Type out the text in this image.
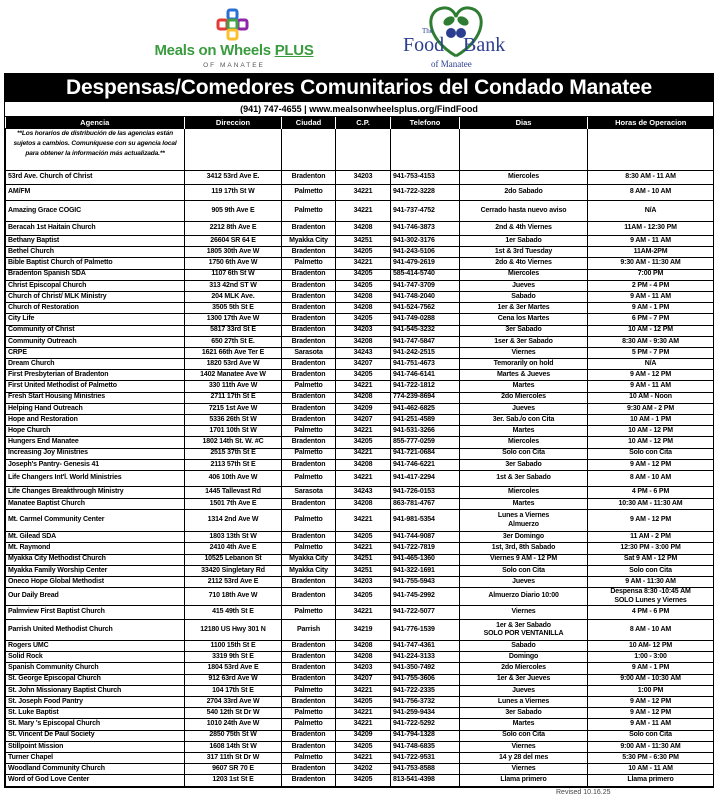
Meals on Wheels PLUS
OF MANATEE
The
Food Bank
of Manatee
Despensas/Comedores Comunitarios del Condado Manatee
(941) 747-4655 | www.mealsonwheelsplus.org/FindFood
Agencia	Direccion	Ciudad	C.P.	Telefono	Dias	Horas de Operacion
**Los horarios de distribución de las agencias están sujetos a cambios. Comuníquese con su agencia local para obtener la información más actualizada.**						
53rd Ave. Church of Christ	3412 53rd Ave E.	Bradenton	34203	941-753-4153	Miercoles	8:30 AM - 11 AM
AM/FM	119 17th St W	Palmetto	34221	941-722-3228	2do Sabado	8 AM - 10 AM
Amazing Grace COGIC	905 9th Ave E	Palmetto	34221	941-737-4752	Cerrado hasta nuevo aviso	N/A
Beracah 1st Haitain Church	2212 8th Ave E	Bradenton	34208	941-746-3873	2nd & 4th Viernes	11AM - 12:30 PM
Bethany Baptist	26604 SR 64 E	Myakka City	34251	941-302-3176	1er Sabado	9 AM - 11 AM
Bethel Church	1805 30th Ave W	Bradenton	34205	941-243-5106	1st & 3rd Tuesday	11AM-2PM
Bible Baptist Church of Palmetto	1750 6th Ave W	Palmetto	34221	941-479-2619	2do & 4to Viernes	9:30 AM - 11:30 AM
Bradenton Spanish SDA	1107 6th St W	Bradenton	34205	585-414-5740	Miercoles	7:00 PM
Christ Episcopal Church	313 42nd ST W	Bradenton	34205	941-747-3709	Jueves	2 PM - 4 PM
Church of Christ/ MLK Ministry	204 MLK Ave.	Bradenton	34208	941-748-2040	Sabado	9 AM - 11 AM
Church of Restoration	3505 5th St E	Bradenton	34208	941-524-7562	1er & 3er Martes	9 AM - 1 PM
City Life	1300 17th Ave W	Bradenton	34205	941-749-0288	Cena los Martes	6 PM - 7 PM
Community of Christ	5817 33rd St E	Bradenton	34203	941-545-3232	3er Sabado	10 AM - 12 PM
Community Outreach	650 27th St E.	Bradenton	34208	941-747-5847	1ser & 3er Sabado	8:30 AM - 9:30 AM
CRPE	1621 66th Ave Ter E	Sarasota	34243	941-242-2515	Viernes	5 PM - 7 PM
Dream Church	1820 53rd Ave W	Bradenton	34207	941-751-4673	Temorarily on hold	N/A
First Presbyterian of Bradenton	1402 Manatee Ave W	Bradenton	34205	941-746-6141	Martes & Jueves	9 AM - 12 PM
First United Methodist of Palmetto	330 11th Ave W	Palmetto	34221	941-722-1812	Martes	9 AM - 11 AM
Fresh Start Housing Ministries	2711 17th St E	Bradenton	34208	774-239-8694	2do Miercoles	10 AM - Noon
Helping Hand Outreach	7215 1st Ave W	Bradenton	34209	941-462-6825	Jueves	9:30 AM - 2 PM
Hope and Restoration	5336 26th St W	Bradenton	34207	941-251-4589	3er. Sab./o con Cita	10 AM - 1 PM
Hope Church	1701 10th St W	Palmetto	34221	941-531-3266	Martes	10 AM - 12 PM
Hungers End Manatee	1802 14th St. W. #C	Bradenton	34205	855-777-0259	Miercoles	10 AM - 12 PM
Increasing Joy Ministries	2515 37th St E	Palmetto	34221	941-721-0684	Solo con Cita	Solo con Cita
Joseph's Pantry- Genesis 41	2113 57th St E	Bradenton	34208	941-746-6221	3er Sabado	9 AM - 12 PM
Life Changers Int'l. World Ministries	406 10th Ave W	Palmetto	34221	941-417-2294	1st & 3er Sabado	8 AM - 10 AM
Life Changes Breakthrough Ministry	1445 Tallevast Rd	Sarasota	34243	941-726-0153	Miercoles	4 PM - 6 PM
Manatee Baptist Church	1501 7th Ave E	Bradenton	34208	863-781-4767	Martes	10:30 AM - 11:30 AM
Mt. Carmel Community Center	1314 2nd Ave W	Palmetto	34221	941-981-5354	Lunes a Viernes
Almuerzo	9 AM - 12 PM
Mt. Gilead SDA	1803 13th St W	Bradenton	34205	941-744-9087	3er Domingo	11 AM - 2 PM
Mt. Raymond	2410 4th Ave E	Palmetto	34221	941-722-7819	1st, 3rd, 8th Sabado	12:30 PM - 3:00 PM
Myakka City Methodist Church	10525 Lebanon St	Myakka City	34251	941-465-1360	Viernes 9 AM - 12 PM	Sat 9 AM - 12 PM
Myakka Family Worship Center	33420 Singletary Rd	Myakka City	34251	941-322-1691	Solo con Cita	Solo con Cita
Oneco Hope Global Methodist	2112 53rd Ave E	Bradenton	34203	941-755-5943	Jueves	9 AM - 11:30 AM
Our Daily Bread	710 18th Ave W	Bradenton	34205	941-745-2992	Almuerzo Diario 10:00	Despensa 8:30 -10:45 AM
SOLO Lunes y Viernes
Palmview First Baptist Church	415 49th St E	Palmetto	34221	941-722-5077	Viernes	4 PM - 6 PM
Parrish United Methodist Church	12180 US Hwy 301 N	Parrish	34219	941-776-1539	1er & 3er Sabado
SOLO POR VENTANILLA	8 AM - 10 AM
Rogers UMC	1100 15th St E	Bradenton	34208	941-747-4361	Sabado	10 AM- 12 PM
Solid Rock	3319 9th St E	Bradenton	34208	941-224-3133	Domingo	1:00 - 3:00
Spanish Community Church	1804 53rd Ave E	Bradenton	34203	941-350-7492	2do Miercoles	9 AM - 1 PM
St. George Episcopal Church	912 63rd Ave W	Bradenton	34207	941-755-3606	1er & 3er Jueves	9:00 AM - 10:30 AM
St. John Missionary Baptist Church	104 17th St E	Palmetto	34221	941-722-2335	Jueves	1:00 PM
St. Joseph Food Pantry	2704 33rd Ave W	Bradenton	34205	941-756-3732	Lunes a Viernes	9 AM - 12 PM
St. Luke Baptist	540 12th St Dr W	Palmetto	34221	941-259-9434	3er Sabado	9 AM - 12 PM
St. Mary 's Episcopal Church	1010 24th Ave W	Palmetto	34221	941-722-5292	Martes	9 AM - 11 AM
St. Vincent De Paul Society	2850 75th St W	Bradenton	34209	941-794-1328	Solo con Cita	Solo con Cita
Stillpoint Mission	1608 14th St W	Bradenton	34205	941-748-6835	Viernes	9:00 AM - 11:30 AM
Turner Chapel	317 11th St Dr W	Palmetto	34221	941-722-9531	14 y 28 del mes	5:30 PM - 6:30 PM
Woodland Community Church	9607 SR 70 E	Bradenton	34202	941-753-8588	Viernes	10 AM - 11 AM
Word of God Love Center	1203 1st St E	Bradenton	34205	813-541-4398	Llama primero	Llama primero
Revised 10.16.25
